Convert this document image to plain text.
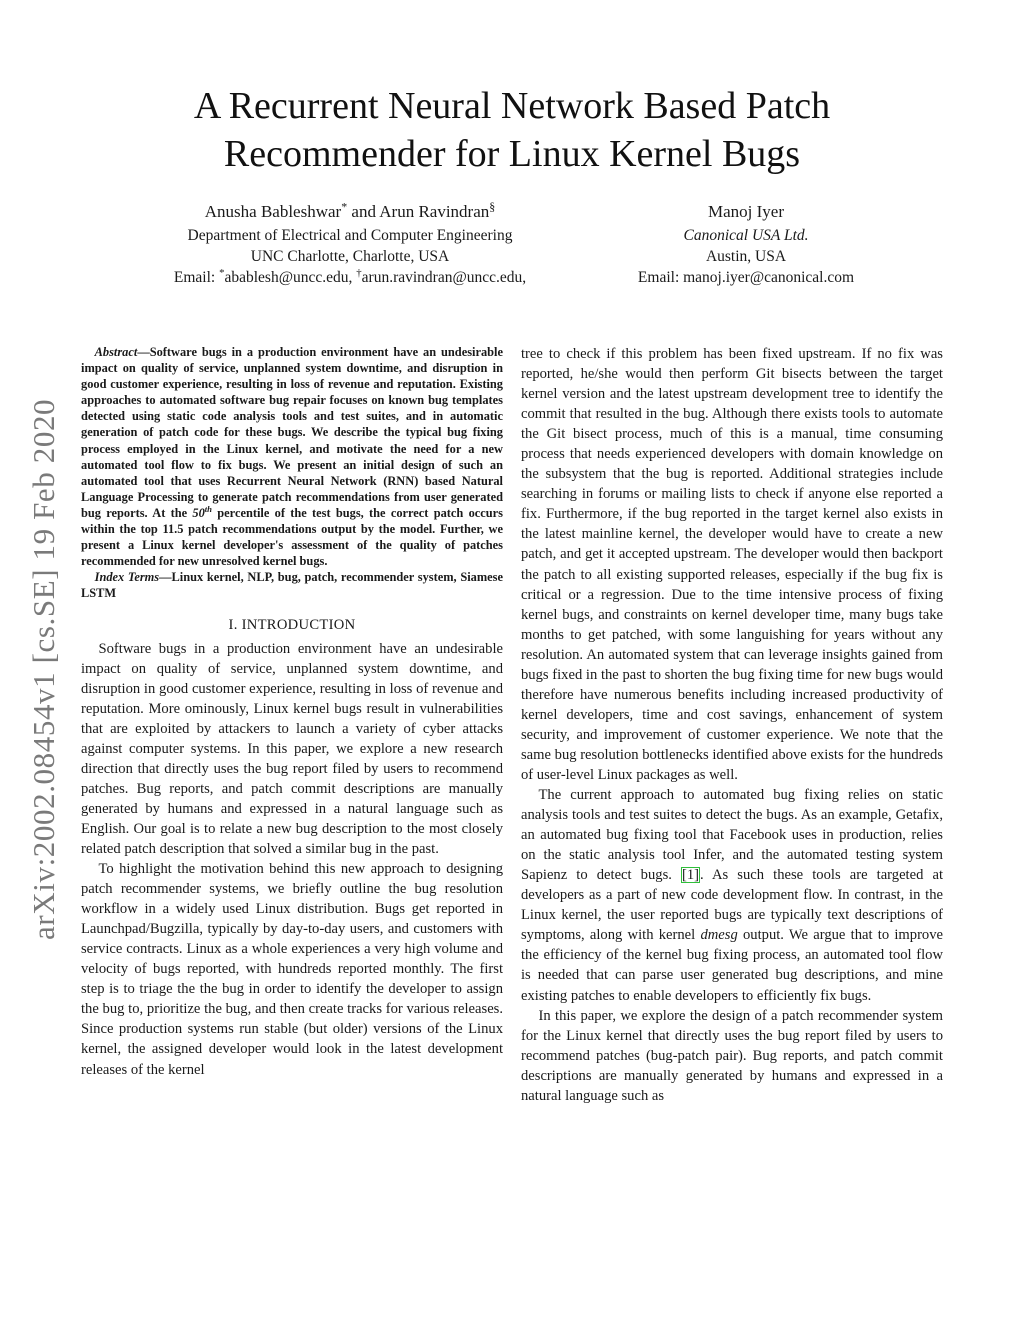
arXiv:2002.08454v1 [cs.SE] 19 Feb 2020
A Recurrent Neural Network Based Patch
Recommender for Linux Kernel Bugs
Anusha Bableshwar* and Arun Ravindran§
Department of Electrical and Computer Engineering
UNC Charlotte, Charlotte, USA
Email: *abablesh@uncc.edu, †arun.ravindran@uncc.edu,
Manoj Iyer
Canonical USA Ltd.
Austin, USA
Email: manoj.iyer@canonical.com

Abstract—Software bugs in a production environment have an undesirable impact on quality of service, unplanned system downtime, and disruption in good customer experience, resulting in loss of revenue and reputation. Existing approaches to automated software bug repair focuses on known bug templates detected using static code analysis tools and test suites, and in automatic generation of patch code for these bugs. We describe the typical bug fixing process employed in the Linux kernel, and motivate the need for a new automated tool flow to fix bugs. We present an initial design of such an automated tool that uses Recurrent Neural Network (RNN) based Natural Language Processing to generate patch recommendations from user generated bug reports. At the 50th percentile of the test bugs, the correct patch occurs within the top 11.5 patch recommendations output by the model. Further, we present a Linux kernel developer's assessment of the quality of patches recommended for new unresolved kernel bugs.

Index Terms—Linux kernel, NLP, bug, patch, recommender system, Siamese LSTM

I. INTRODUCTION

Software bugs in a production environment have an undesirable impact on quality of service, unplanned system downtime, and disruption in good customer experience, resulting in loss of revenue and reputation. More ominously, Linux kernel bugs result in vulnerabilities that are exploited by attackers to launch a variety of cyber attacks against computer systems. In this paper, we explore a new research direction that directly uses the bug report filed by users to recommend patches. Bug reports, and patch commit descriptions are manually generated by humans and expressed in a natural language such as English. Our goal is to relate a new bug description to the most closely related patch description that solved a similar bug in the past.

To highlight the motivation behind this new approach to designing patch recommender systems, we briefly outline the bug resolution workflow in a widely used Linux distribution. Bugs get reported in Launchpad/Bugzilla, typically by day-to-day users, and customers with service contracts. Linux as a whole experiences a very high volume and velocity of bugs reported, with hundreds reported monthly. The first step is to triage the the bug in order to identify the developer to assign the bug to, prioritize the bug, and then create tracks for various releases. Since production systems run stable (but older) versions of the Linux kernel, the assigned developer would look in the latest development releases of the kernel

tree to check if this problem has been fixed upstream. If no fix was reported, he/she would then perform Git bisects between the target kernel version and the latest upstream development tree to identify the commit that resulted in the bug. Although there exists tools to automate the Git bisect process, much of this is a manual, time consuming process that needs experienced developers with domain knowledge on the subsystem that the bug is reported. Additional strategies include searching in forums or mailing lists to check if anyone else reported a fix. Furthermore, if the bug reported in the target kernel also exists in the latest mainline kernel, the developer would have to create a new patch, and get it accepted upstream. The developer would then backport the patch to all existing supported releases, especially if the bug fix is critical or a regression. Due to the time intensive process of fixing kernel bugs, and constraints on kernel developer time, many bugs take months to get patched, with some languishing for years without any resolution. An automated system that can leverage insights gained from bugs fixed in the past to shorten the bug fixing time for new bugs would therefore have numerous benefits including increased productivity of kernel developers, time and cost savings, enhancement of system security, and improvement of customer experience. We note that the same bug resolution bottlenecks identified above exists for the hundreds of user-level Linux packages as well.

The current approach to automated bug fixing relies on static analysis tools and test suites to detect the bugs. As an example, Getafix, an automated bug fixing tool that Facebook uses in production, relies on the static analysis tool Infer, and the automated testing system Sapienz to detect bugs. [1]. As such these tools are targeted at developers as a part of new code development flow. In contrast, in the Linux kernel, the user reported bugs are typically text descriptions of symptoms, along with kernel dmesg output. We argue that to improve the efficiency of the kernel bug fixing process, an automated tool flow is needed that can parse user generated bug descriptions, and mine existing patches to enable developers to efficiently fix bugs.

In this paper, we explore the design of a patch recommender system for the Linux kernel that directly uses the bug report filed by users to recommend patches (bug-patch pair). Bug reports, and patch commit descriptions are manually generated by humans and expressed in a natural language such as
